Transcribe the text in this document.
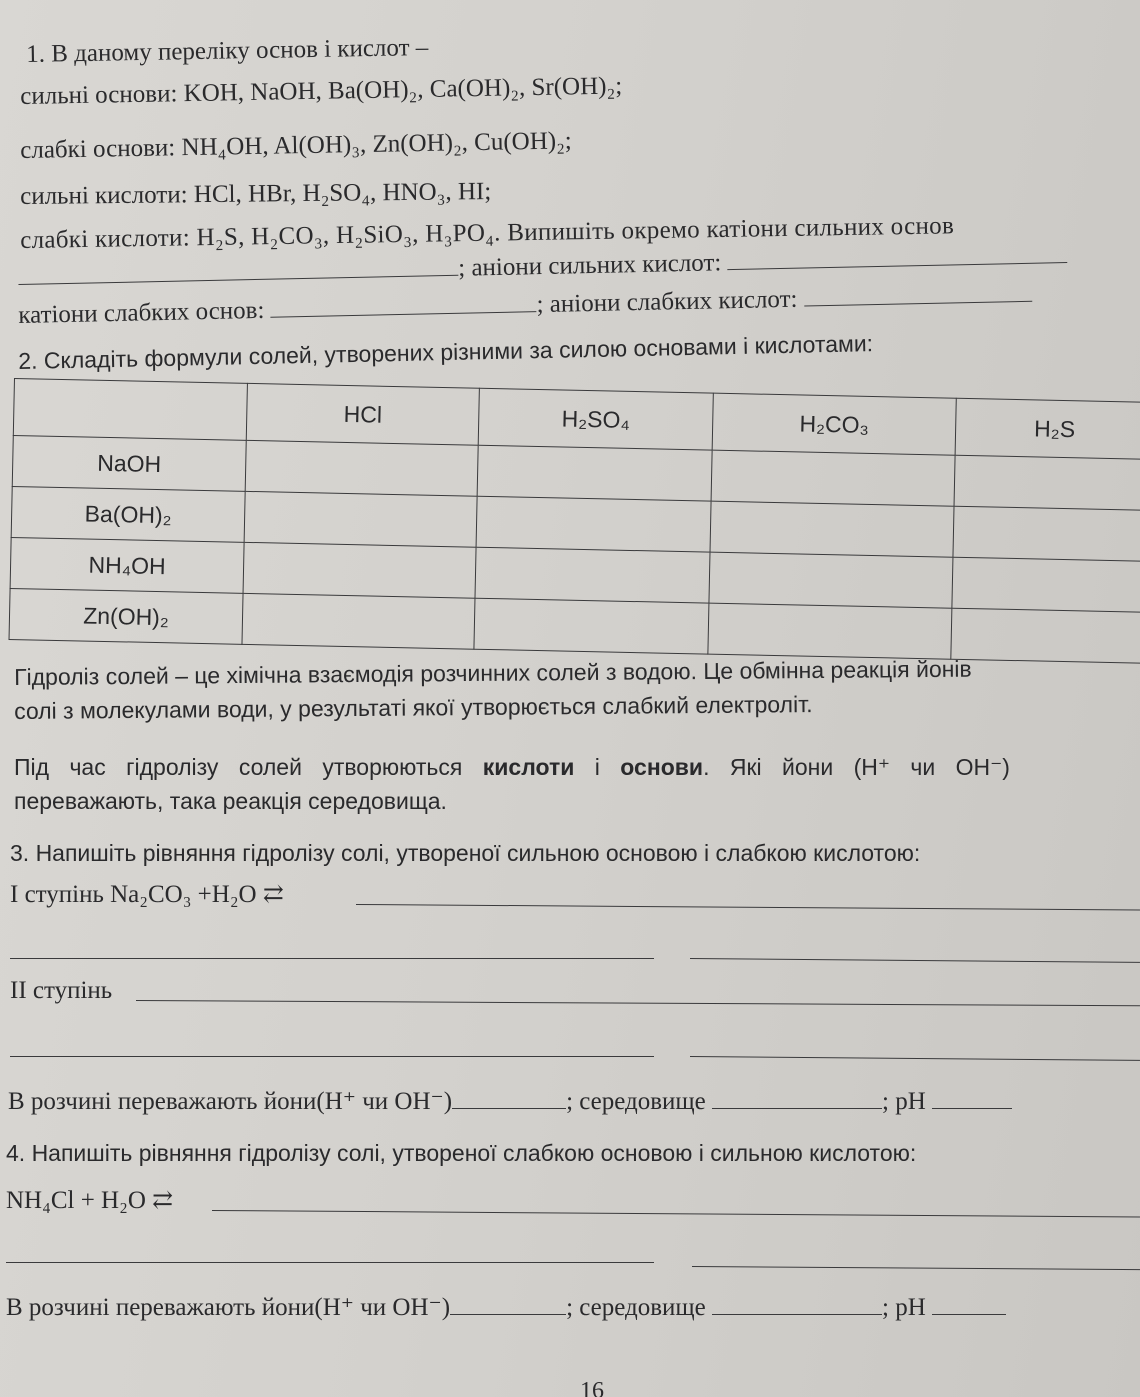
1. В даному переліку основ і кислот –
сильні основи: KOH, NaOH, Ba(OH)₂, Ca(OH)₂, Sr(OH)₂;
слабкі основи: NH₄OH, Al(OH)₃, Zn(OH)₂, Cu(OH)₂;
сильні кислоти: HCl, HBr, H₂SO₄, HNO₃, HI;
слабкі кислоти: H₂S, H₂CO₃, H₂SiO₃, H₃PO₄. Випишіть окремо катіони сильних основ
; аніони сильних кислот:
катіони слабких основ:	; аніони слабких кислот:
2. Складіть формули солей, утворених різними за силою основами і кислотами:
	HCl	H₂SO₄	H₂CO₃	H₂S
NaOH				
Ba(OH)₂				
NH₄OH				
Zn(OH)₂				
Гідроліз солей – це хімічна взаємодія розчинних солей з водою. Це обмінна реакція йонів
солі з молекулами води, у результаті якої утворюється слабкий електроліт.
Під час гідролізу солей утворюються кислоти і основи. Які йони (H⁺ чи OH⁻)
переважають, така реакція середовища.
3. Напишіть рівняння гідролізу солі, утвореної сильною основою і слабкою кислотою:
I ступінь Na₂CO₃ +H₂O ⇄
II ступінь
В розчині переважають йони(H⁺ чи OH⁻)	; середовище	; pH
4. Напишіть рівняння гідролізу солі, утвореної слабкою основою і сильною кислотою:
NH₄Cl + H₂O ⇄
В розчині переважають йони(H⁺ чи OH⁻)	; середовище	; pH
16
